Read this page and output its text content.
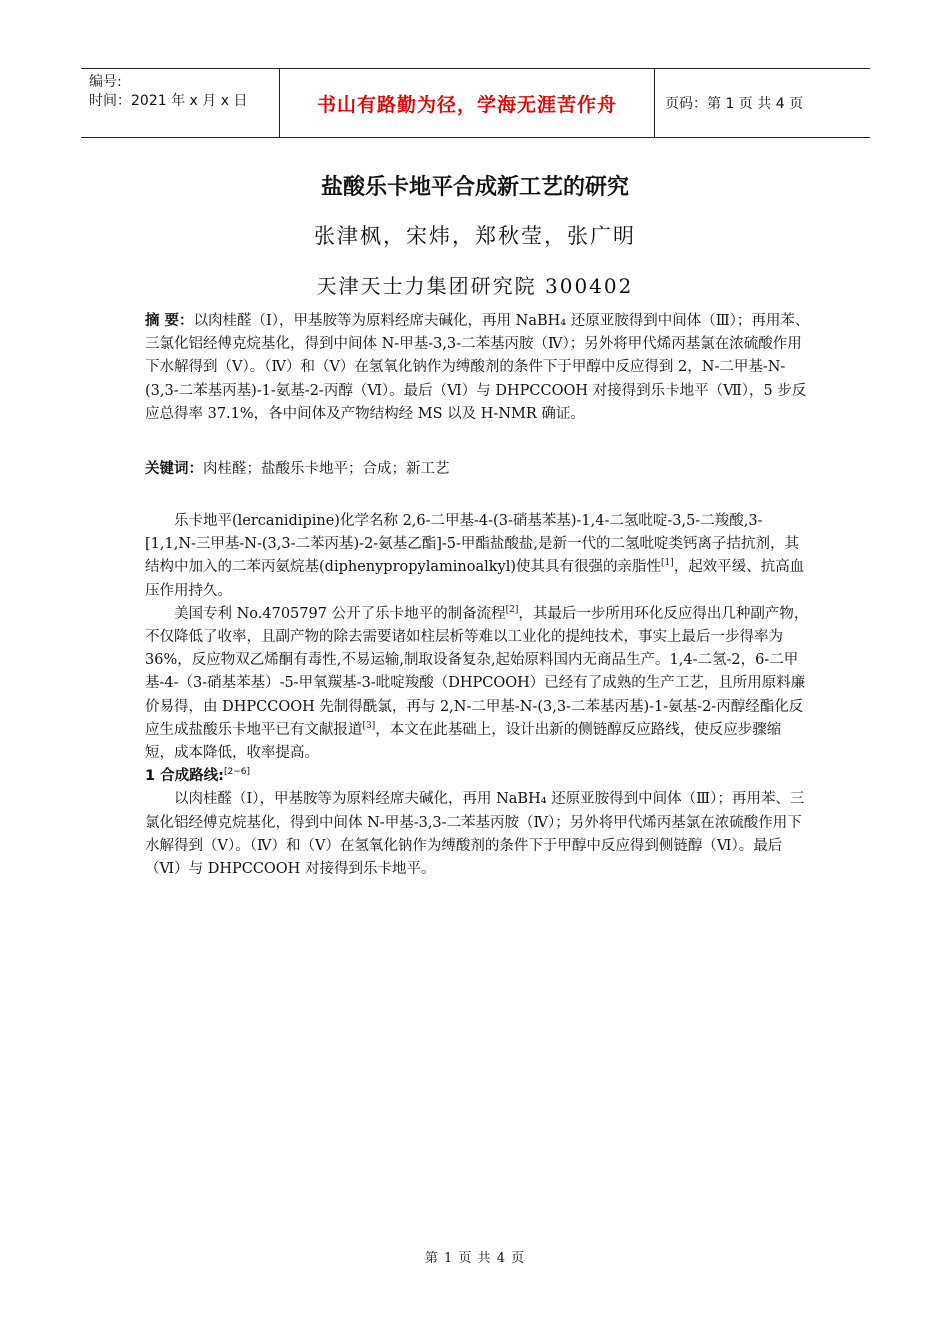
编号:
时间：2021 年 x 月 x 日	书山有路勤为径，学海无涯苦作舟	页码：第 1 页 共 4 页
盐酸乐卡地平合成新工艺的研究
张津枫，宋炜，郑秋莹，张广明
天津天士力集团研究院 300402
摘 要：以肉桂醛（Ⅰ），甲基胺等为原料经席夫碱化，再用 NaBH₄ 还原亚胺得到中间体（Ⅲ）；再用苯、三氯化铝经傅克烷基化，得到中间体 N-甲基-3,3-二苯基丙胺（Ⅳ）；另外将甲代烯丙基氯在浓硫酸作用下水解得到（Ⅴ）。（Ⅳ）和（Ⅴ）在氢氧化钠作为缚酸剂的条件下于甲醇中反应得到 2，N-二甲基-N-(3,3-二苯基丙基)-1-氨基-2-丙醇（Ⅵ）。最后（Ⅵ）与 DHPCCOOH 对接得到乐卡地平（Ⅶ），5 步反应总得率 37.1%，各中间体及产物结构经 MS 以及 H-NMR 确证。
关键词：肉桂醛；盐酸乐卡地平；合成；新工艺

乐卡地平(lercanidipine)化学名称 2,6-二甲基-4-(3-硝基苯基)-1,4-二氢吡啶-3,5-二羧酸,3-[1,1,N-三甲基-N-(3,3-二苯丙基)-2-氨基乙酯]-5-甲酯盐酸盐,是新一代的二氢吡啶类钙离子拮抗剂，其结构中加入的二苯丙氨烷基(diphenypropylaminoalkyl)使其具有很强的亲脂性[1]，起效平缓、抗高血压作用持久。

美国专利 No.4705797 公开了乐卡地平的制备流程[2]，其最后一步所用环化反应得出几种副产物，不仅降低了收率，且副产物的除去需要诸如柱层析等难以工业化的提纯技术，事实上最后一步得率为 36%，反应物双乙烯酮有毒性,不易运输,制取设备复杂,起始原料国内无商品生产。1,4-二氢-2，6-二甲基-4-（3-硝基苯基）-5-甲氧羰基-3-吡啶羧酸（DHPCOOH）已经有了成熟的生产工艺，且所用原料廉价易得，由 DHPCCOOH 先制得酰氯，再与 2,N-二甲基-N-(3,3-二苯基丙基)-1-氨基-2-丙醇经酯化反应生成盐酸乐卡地平已有文献报道[3]，本文在此基础上，设计出新的侧链醇反应路线，使反应步骤缩短，成本降低，收率提高。

1 合成路线:[2~6]

以肉桂醛（Ⅰ），甲基胺等为原料经席夫碱化，再用 NaBH₄ 还原亚胺得到中间体（Ⅲ）；再用苯、三氯化铝经傅克烷基化，得到中间体 N-甲基-3,3-二苯基丙胺（Ⅳ）；另外将甲代烯丙基氯在浓硫酸作用下水解得到（Ⅴ）。（Ⅳ）和（Ⅴ）在氢氧化钠作为缚酸剂的条件下于甲醇中反应得到侧链醇（Ⅵ）。最后（Ⅵ）与 DHPCCOOH 对接得到乐卡地平。

第 1 页 共 4 页
